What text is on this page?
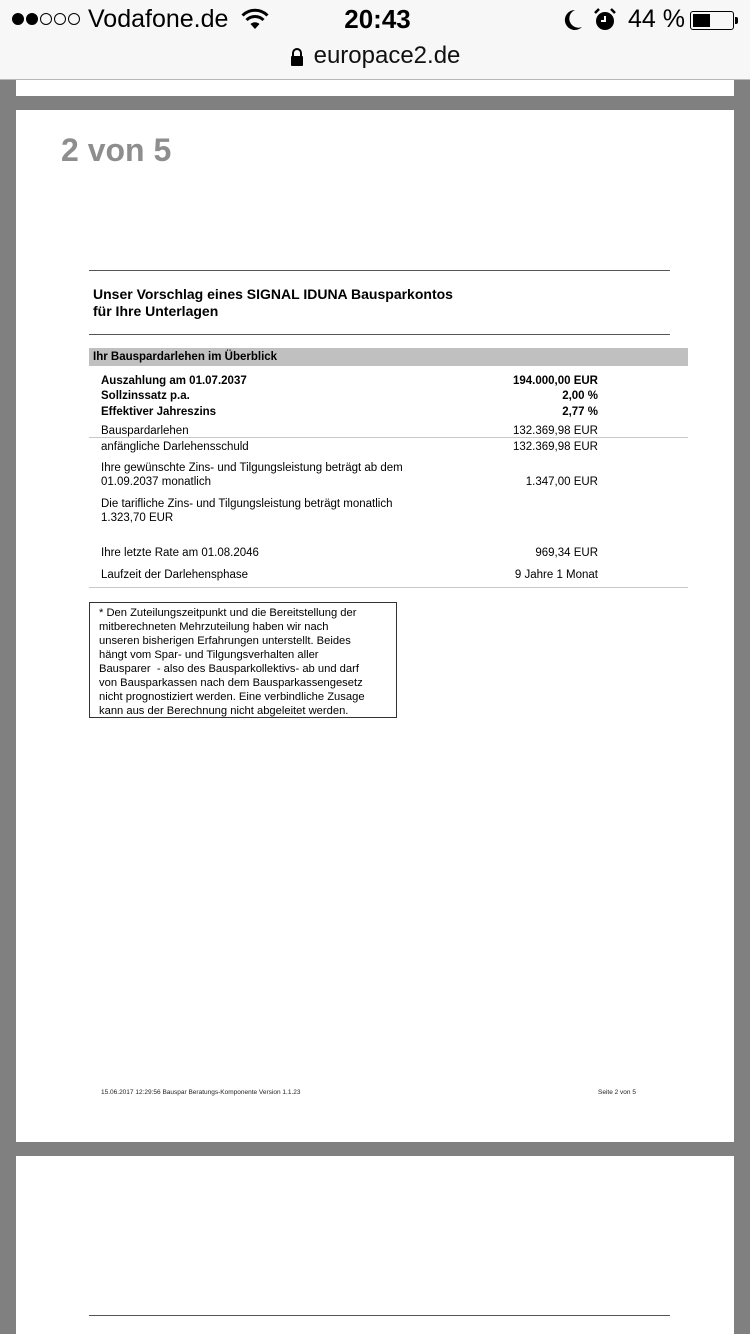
Vodafone.de	20:43	44 %
europace2.de
2 von 5
Unser Vorschlag eines SIGNAL IDUNA Bausparkontos
für Ihre Unterlagen
Ihr Bauspardarlehen im Überblick
Auszahlung am 01.07.2037	194.000,00 EUR
Sollzinssatz p.a.	2,00 %
Effektiver Jahreszins	2,77 %
Bauspardarlehen	132.369,98 EUR
anfängliche Darlehensschuld	132.369,98 EUR
Ihre gewünschte Zins- und Tilgungsleistung beträgt ab dem
01.09.2037 monatlich	1.347,00 EUR
Die tarifliche Zins- und Tilgungsleistung beträgt monatlich
1.323,70 EUR
Ihre letzte Rate am 01.08.2046	969,34 EUR
Laufzeit der Darlehensphase	9 Jahre 1 Monat
* Den Zuteilungszeitpunkt und die Bereitstellung der
mitberechneten Mehrzuteilung haben wir nach
unseren bisherigen Erfahrungen unterstellt. Beides
hängt vom Spar- und Tilgungsverhalten aller
Bausparer  - also des Bausparkollektivs- ab und darf
von Bausparkassen nach dem Bausparkassengesetz
nicht prognostiziert werden. Eine verbindliche Zusage
kann aus der Berechnung nicht abgeleitet werden.
15.06.2017 12:29:56 Bauspar Beratungs-Komponente Version 1.1.23	Seite 2 von 5
